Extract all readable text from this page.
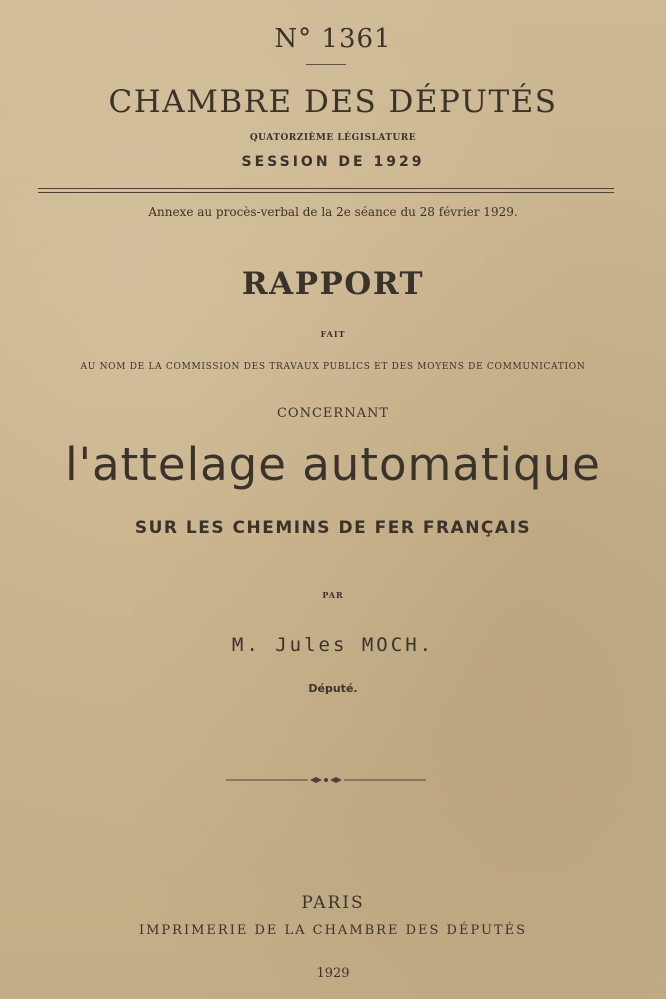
N° 1361
CHAMBRE DES DÉPUTÉS
QUATORZIÈME LÉGISLATURE
SESSION DE 1929
Annexe au procès-verbal de la 2e séance du 28 février 1929.
RAPPORT
FAIT
AU NOM DE LA COMMISSION DES TRAVAUX PUBLICS ET DES MOYENS DE COMMUNICATION
CONCERNANT
l'attelage automatique
SUR LES CHEMINS DE FER FRANÇAIS
PAR
M. Jules MOCH.
Député.
PARIS
IMPRIMERIE DE LA CHAMBRE DES DÉPUTÉS
1929
